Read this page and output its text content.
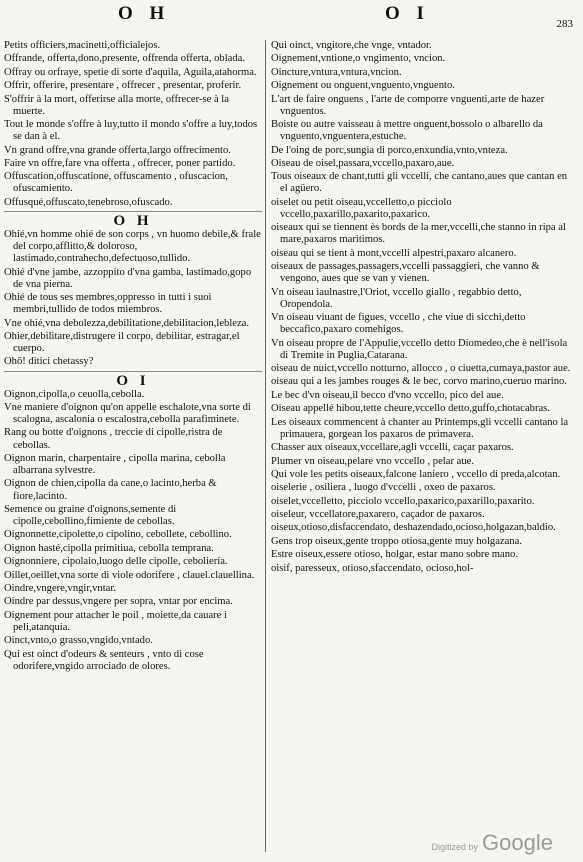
O H	O I	283
Petits officiers,macinetti,officialejos.
Offrande, offerta,dono,presente, offrenda offerta, oblada.
Offray ou orfraye, spetie di sorte d'aquila, Aguila,atahorma.
Offrir, offerire, presentare , offrecer , presentar, proferir.
S'offrir à la mort, offerirse alla morte, offrecer-se à la muerte.
Tout le monde s'offre à luy,tutto il mondo s'offre a luy,todos se dan à el.
Vn grand offre,vna grande offerta,largo offrecimento.
Faire vn offre,fare vna offerta , offrecer, poner partido.
Offuscation,offuscatione, offuscamento , ofuscacion, ofuscamiento.
Offusqué,offuscato,tenebroso,ofuscado.
O H
Ohié,vn homme ohié de son corps , vn huomo debile,& frale del corpo,afflitto,& doloroso, lastimado,contrahecho,defectuoso,tullido.
Ohié d'vne jambe, azzoppito d'vna gamba, lastimado,gopo de vna pierna.
Ohié de tous ses membres,oppresso in tutti i suoi membri,tullido de todos miembros.
Vne ohié,vna debolezza,debilitatione,debilitacion,lebleza.
Ohier,debilitare,distrugere il corpo, debilitar, estragar,el cuerpo.
Ohô! ditici chetassy?
O I
Oignon,cipolla,o ceuolla,cebolla.
Vne maniere d'oignon qu'on appelle eschalote,vna sorte di scalogna, ascalonia o escalostra,cebolla parafiminete.
Rang ou botte d'oignons , treccie di cipolle,ristra de cebollas.
Oignon marin, charpentaire , cipolla marina, cebolla albarrana sylvestre.
Oignon de chien,cipolla da cane,o lacinto,herba & fiore,lacinto.
Semence ou graine d'oignons,semente di cipolle,cebollino,fimiente de cebollas.
Oignonnette,cipolette,o cipolino, cebollete, cebollino.
Oignon hasté,cipolla primitiua, cebolla temprana.
Oignonniere, cipolaio,luogo delle cipolle, ceboliería.
Oillet,oeillet,vna sorte di viole odorifere , clauel.clauellina.
Oindre,vngere,vngir,vntar.
Oindre par dessus,vngere per sopra, vntar por encima.
Oignement pour attacher le poil , moiette,da cauare i peli,atanquia.
Oinct,vnto,o grasso,vngido,vntado.
Qui est oinct d'odeurs & senteurs , vnto di cose odorifere,vngido arrociado de olores.
Qui oinct, vngitore,che vnge, vntador.
Oignement,vntione,o vngimento, vncion.
Oincture,vntura,vntura,vncion.
Oignement ou onguent,vnguento,vnguento.
L'art de faire onguens , l'arte de comporre vnguenti,arte de hazer vnguentos.
Boiste ou autre vaisseau à mettre onguent,bossolo o albarello da vnguento,vnguentera,estuche.
De l'oing de porc,sungia di porco,enxundia,vnto,vnteza.
Oiseau de oisel,passara,vccello,paxaro,aue.
Tous oiseaux de chant,tutti gli vccelli, che cantano,aues que cantan en el agüero.
oiselet ou petit oiseau,vccelletto,o picciolo vccello,paxarillo,paxarito,paxarico.
oiseaux qui se tiennent ès bords de la mer,vccelli,che stanno in ripa al mare,paxaros maritimos.
oiseau qui se tient à mont,vccelli alpestri,paxaro alcanero.
oiseaux de passages,passagers,vccelli passaggieri, che vanno & vengono, aues que se van y vienen.
Vn oiseau iaulnastre,l'Oriot, vccello giallo , regabbio detto, Oropendola.
Vn oiseau viuant de figues, vccello , che viue di sicchi,detto beccafico,paxaro comehigos.
Vn oiseau propre de l'Appulie,vccello detto Diomedeo,che è nell'isola di Tremite in Puglia,Catarana.
oiseau de nuict,vccello notturno, allocco , o ciuetta,cumaya,pastor aue.
oiseau qui a les jambes rouges & le bec, corvo marino,cueruo marino.
Le bec d'vn oiseau,il becco d'vno vccello, pico del aue.
Oiseau appellé hibou,tette cheure,vccello detto,guffo,chotacabras.
Les oiseaux commencent à chanter au Printemps,gli vccelli cantano la primauera, gorgean los paxaros de primavera.
Chasser aux oiseaux,vccellare,agli vccelli, caçar paxaros.
Plumer vn oiseau,pelare vno vccello , pelar aue.
Qui vole les petits oiseaux,falcone laniero , vccello di preda,alcotan.
oiselerie , osiliera , luogo d'vccelli , oxeo de paxaros.
oiselet,vccelletto, picciolo vccello,paxarico,paxarillo,paxarito.
oiseleur, vccellatore,paxarero, caçador de paxaros.
oiseux,otioso,disfaccendato, deshazendado,ocioso,holgazan,baldio.
Gens trop oiseux,gente troppo otiosa,gente muy holgazana.
Estre oiseux,essere otioso, holgar, estar mano sobre mano.
oisif, paresseux, otioso,sfaccendato, ocioso,hol-
Digitized by Google
